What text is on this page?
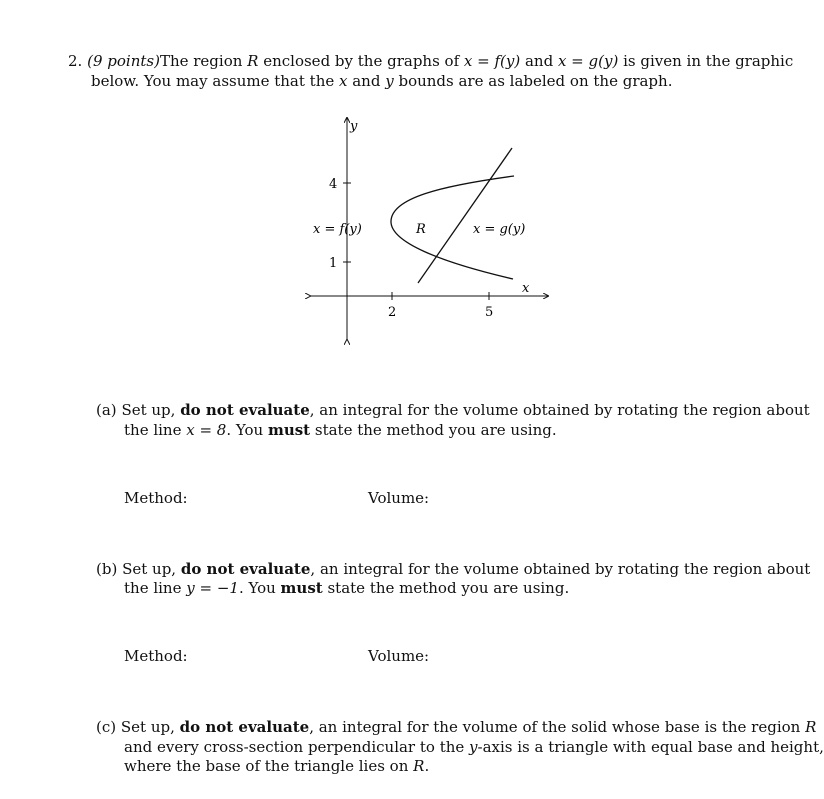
2. (9 points)The region R enclosed by the graphs of x = f(y) and x = g(y) is given in the graphic
below. You may assume that the x and y bounds are as labeled on the graph.
y
x
4
1
2	5
x = f(y)	x = g(y)
R
(a) Set up, do not evaluate, an integral for the volume obtained by rotating the region about
the line x = 8. You must state the method you are using.
Method:	Volume:
(b) Set up, do not evaluate, an integral for the volume obtained by rotating the region about
the line y = −1. You must state the method you are using.
Method:	Volume:
(c) Set up, do not evaluate, an integral for the volume of the solid whose base is the region R
and every cross-section perpendicular to the y-axis is a triangle with equal base and height,
where the base of the triangle lies on R.
